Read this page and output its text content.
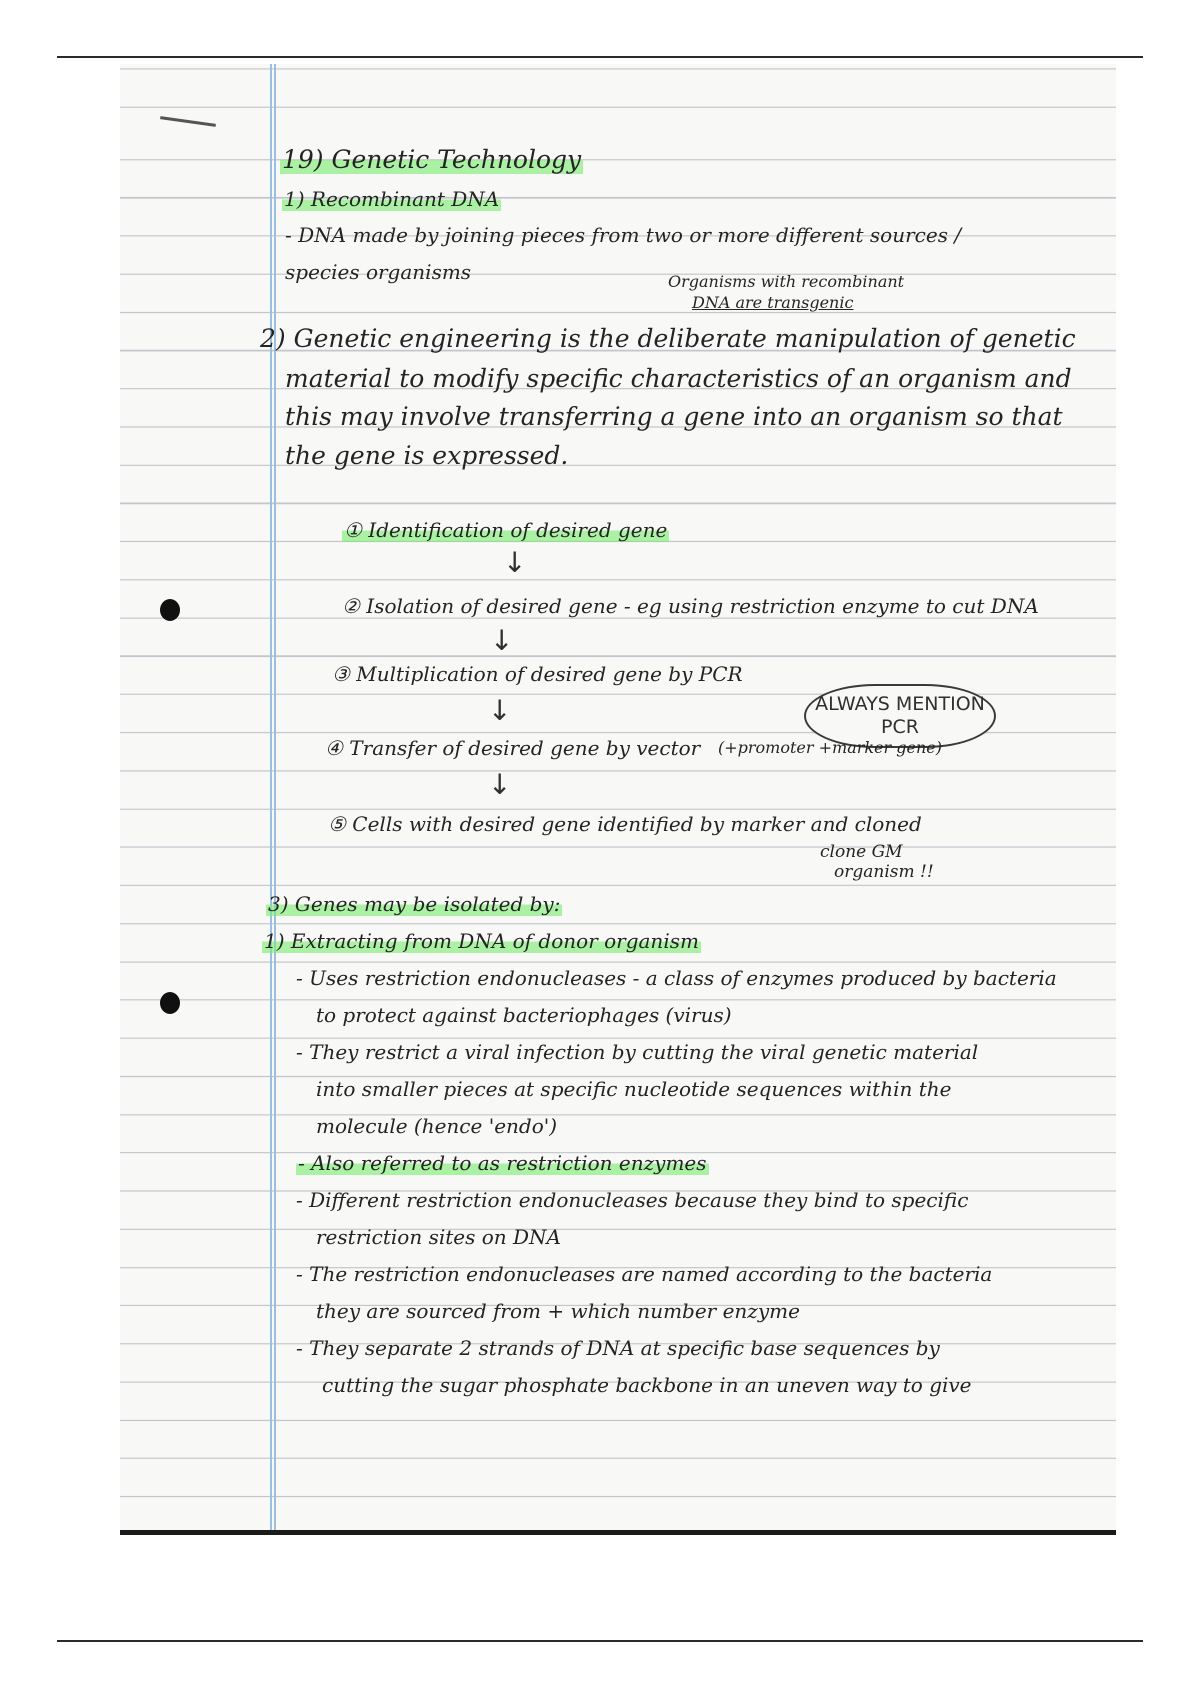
19) Genetic Technology
1) Recombinant DNA
- DNA made by joining pieces from two or more different sources /
species organisms	Organisms with recombinant
DNA are transgenic
2) Genetic engineering is the deliberate manipulation of genetic
material to modify specific characteristics of an organism and
this may involve transferring a gene into an organism so that
the gene is expressed.
① Identification of desired gene
↓
② Isolation of desired gene - eg using restriction enzyme to cut DNA
↓
③ Multiplication of desired gene by PCR
ALWAYS MENTION
PCR
↓
④ Transfer of desired gene by vector (+promoter +marker gene)
↓
⑤ Cells with desired gene identified by marker and cloned
clone GM
organism !!
3) Genes may be isolated by:
1) Extracting from DNA of donor organism
- Uses restriction endonucleases - a class of enzymes produced by bacteria
to protect against bacteriophages (virus)
- They restrict a viral infection by cutting the viral genetic material
into smaller pieces at specific nucleotide sequences within the
molecule (hence 'endo')
- Also referred to as restriction enzymes
- Different restriction endonucleases because they bind to specific
restriction sites on DNA
- The restriction endonucleases are named according to the bacteria
they are sourced from + which number enzyme
- They separate 2 strands of DNA at specific base sequences by
cutting the sugar phosphate backbone in an uneven way to give
